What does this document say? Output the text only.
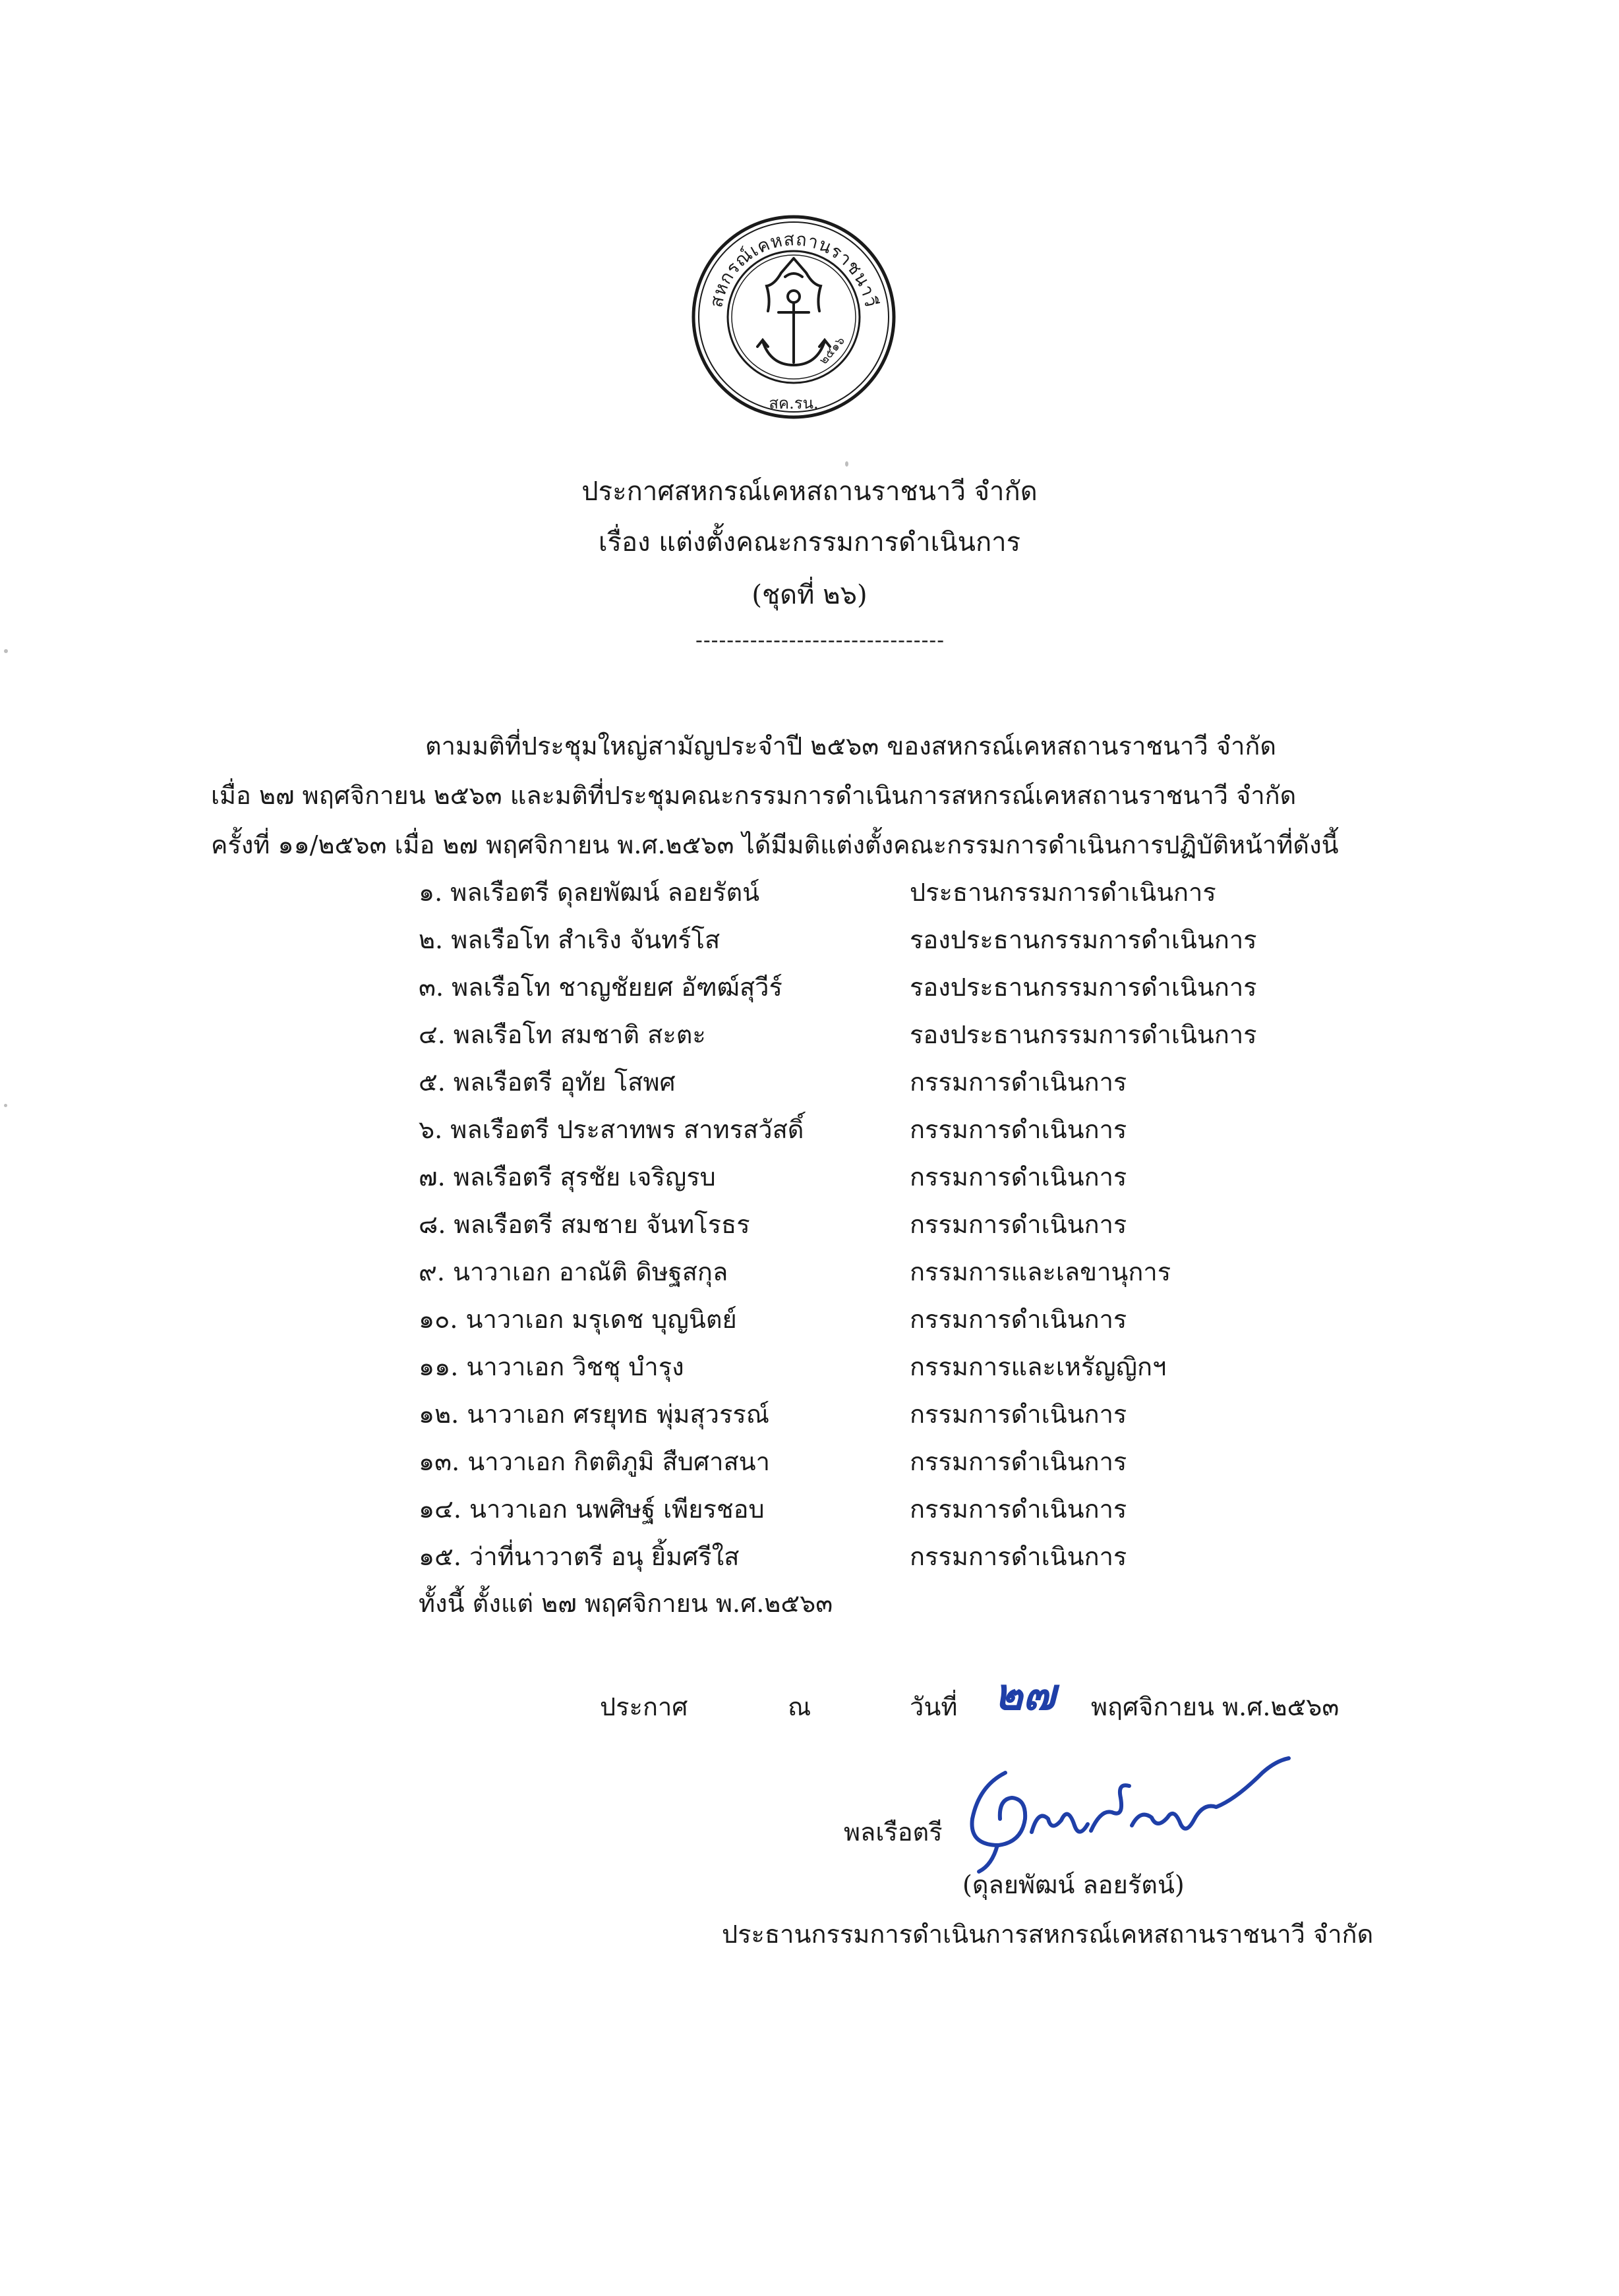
สหกรณ์เคหสถานราชนาวี
๒๕๑๖
สค.รน.
ประกาศสหกรณ์เคหสถานราชนาวี จำกัด
เรื่อง แต่งตั้งคณะกรรมการดำเนินการ
(ชุดที่ ๒๖)
--------------------------------
ตามมติที่ประชุมใหญ่สามัญประจำปี ๒๕๖๓ ของสหกรณ์เคหสถานราชนาวี จำกัด
เมื่อ ๒๗ พฤศจิกายน ๒๕๖๓ และมติที่ประชุมคณะกรรมการดำเนินการสหกรณ์เคหสถานราชนาวี จำกัด
ครั้งที่ ๑๑/๒๕๖๓ เมื่อ ๒๗ พฤศจิกายน พ.ศ.๒๕๖๓ ได้มีมติแต่งตั้งคณะกรรมการดำเนินการปฏิบัติหน้าที่ดังนี้
๑. พลเรือตรี ดุลยพัฒน์ ลอยรัตน์	ประธานกรรมการดำเนินการ
๒. พลเรือโท สำเริง จันทร์โส	รองประธานกรรมการดำเนินการ
๓. พลเรือโท ชาญชัยยศ อัฑฒ์สุวีร์	รองประธานกรรมการดำเนินการ
๔. พลเรือโท สมชาติ สะตะ	รองประธานกรรมการดำเนินการ
๕. พลเรือตรี อุทัย โสพศ	กรรมการดำเนินการ
๖. พลเรือตรี ประสาทพร สาทรสวัสดิ์	กรรมการดำเนินการ
๗. พลเรือตรี สุรชัย เจริญรบ	กรรมการดำเนินการ
๘. พลเรือตรี สมชาย จันทโรธร	กรรมการดำเนินการ
๙. นาวาเอก อาณัติ ดิษฐสกุล	กรรมการและเลขานุการ
๑๐. นาวาเอก มรุเดช บุญนิตย์	กรรมการดำเนินการ
๑๑. นาวาเอก วิชชุ บำรุง	กรรมการและเหรัญญิกฯ
๑๒. นาวาเอก ศรยุทธ พุ่มสุวรรณ์	กรรมการดำเนินการ
๑๓. นาวาเอก กิตติภูมิ สืบศาสนา	กรรมการดำเนินการ
๑๔. นาวาเอก นพศิษฐ์ เพียรชอบ	กรรมการดำเนินการ
๑๕. ว่าที่นาวาตรี อนุ ยิ้มศรีใส	กรรมการดำเนินการ
ทั้งนี้ ตั้งแต่ ๒๗ พฤศจิกายน พ.ศ.๒๕๖๓
ประกาศ	ณ	วันที่ ๒๗ พฤศจิกายน พ.ศ.๒๕๖๓
พลเรือตรี
(ดุลยพัฒน์ ลอยรัตน์)
ประธานกรรมการดำเนินการสหกรณ์เคหสถานราชนาวี จำกัด
